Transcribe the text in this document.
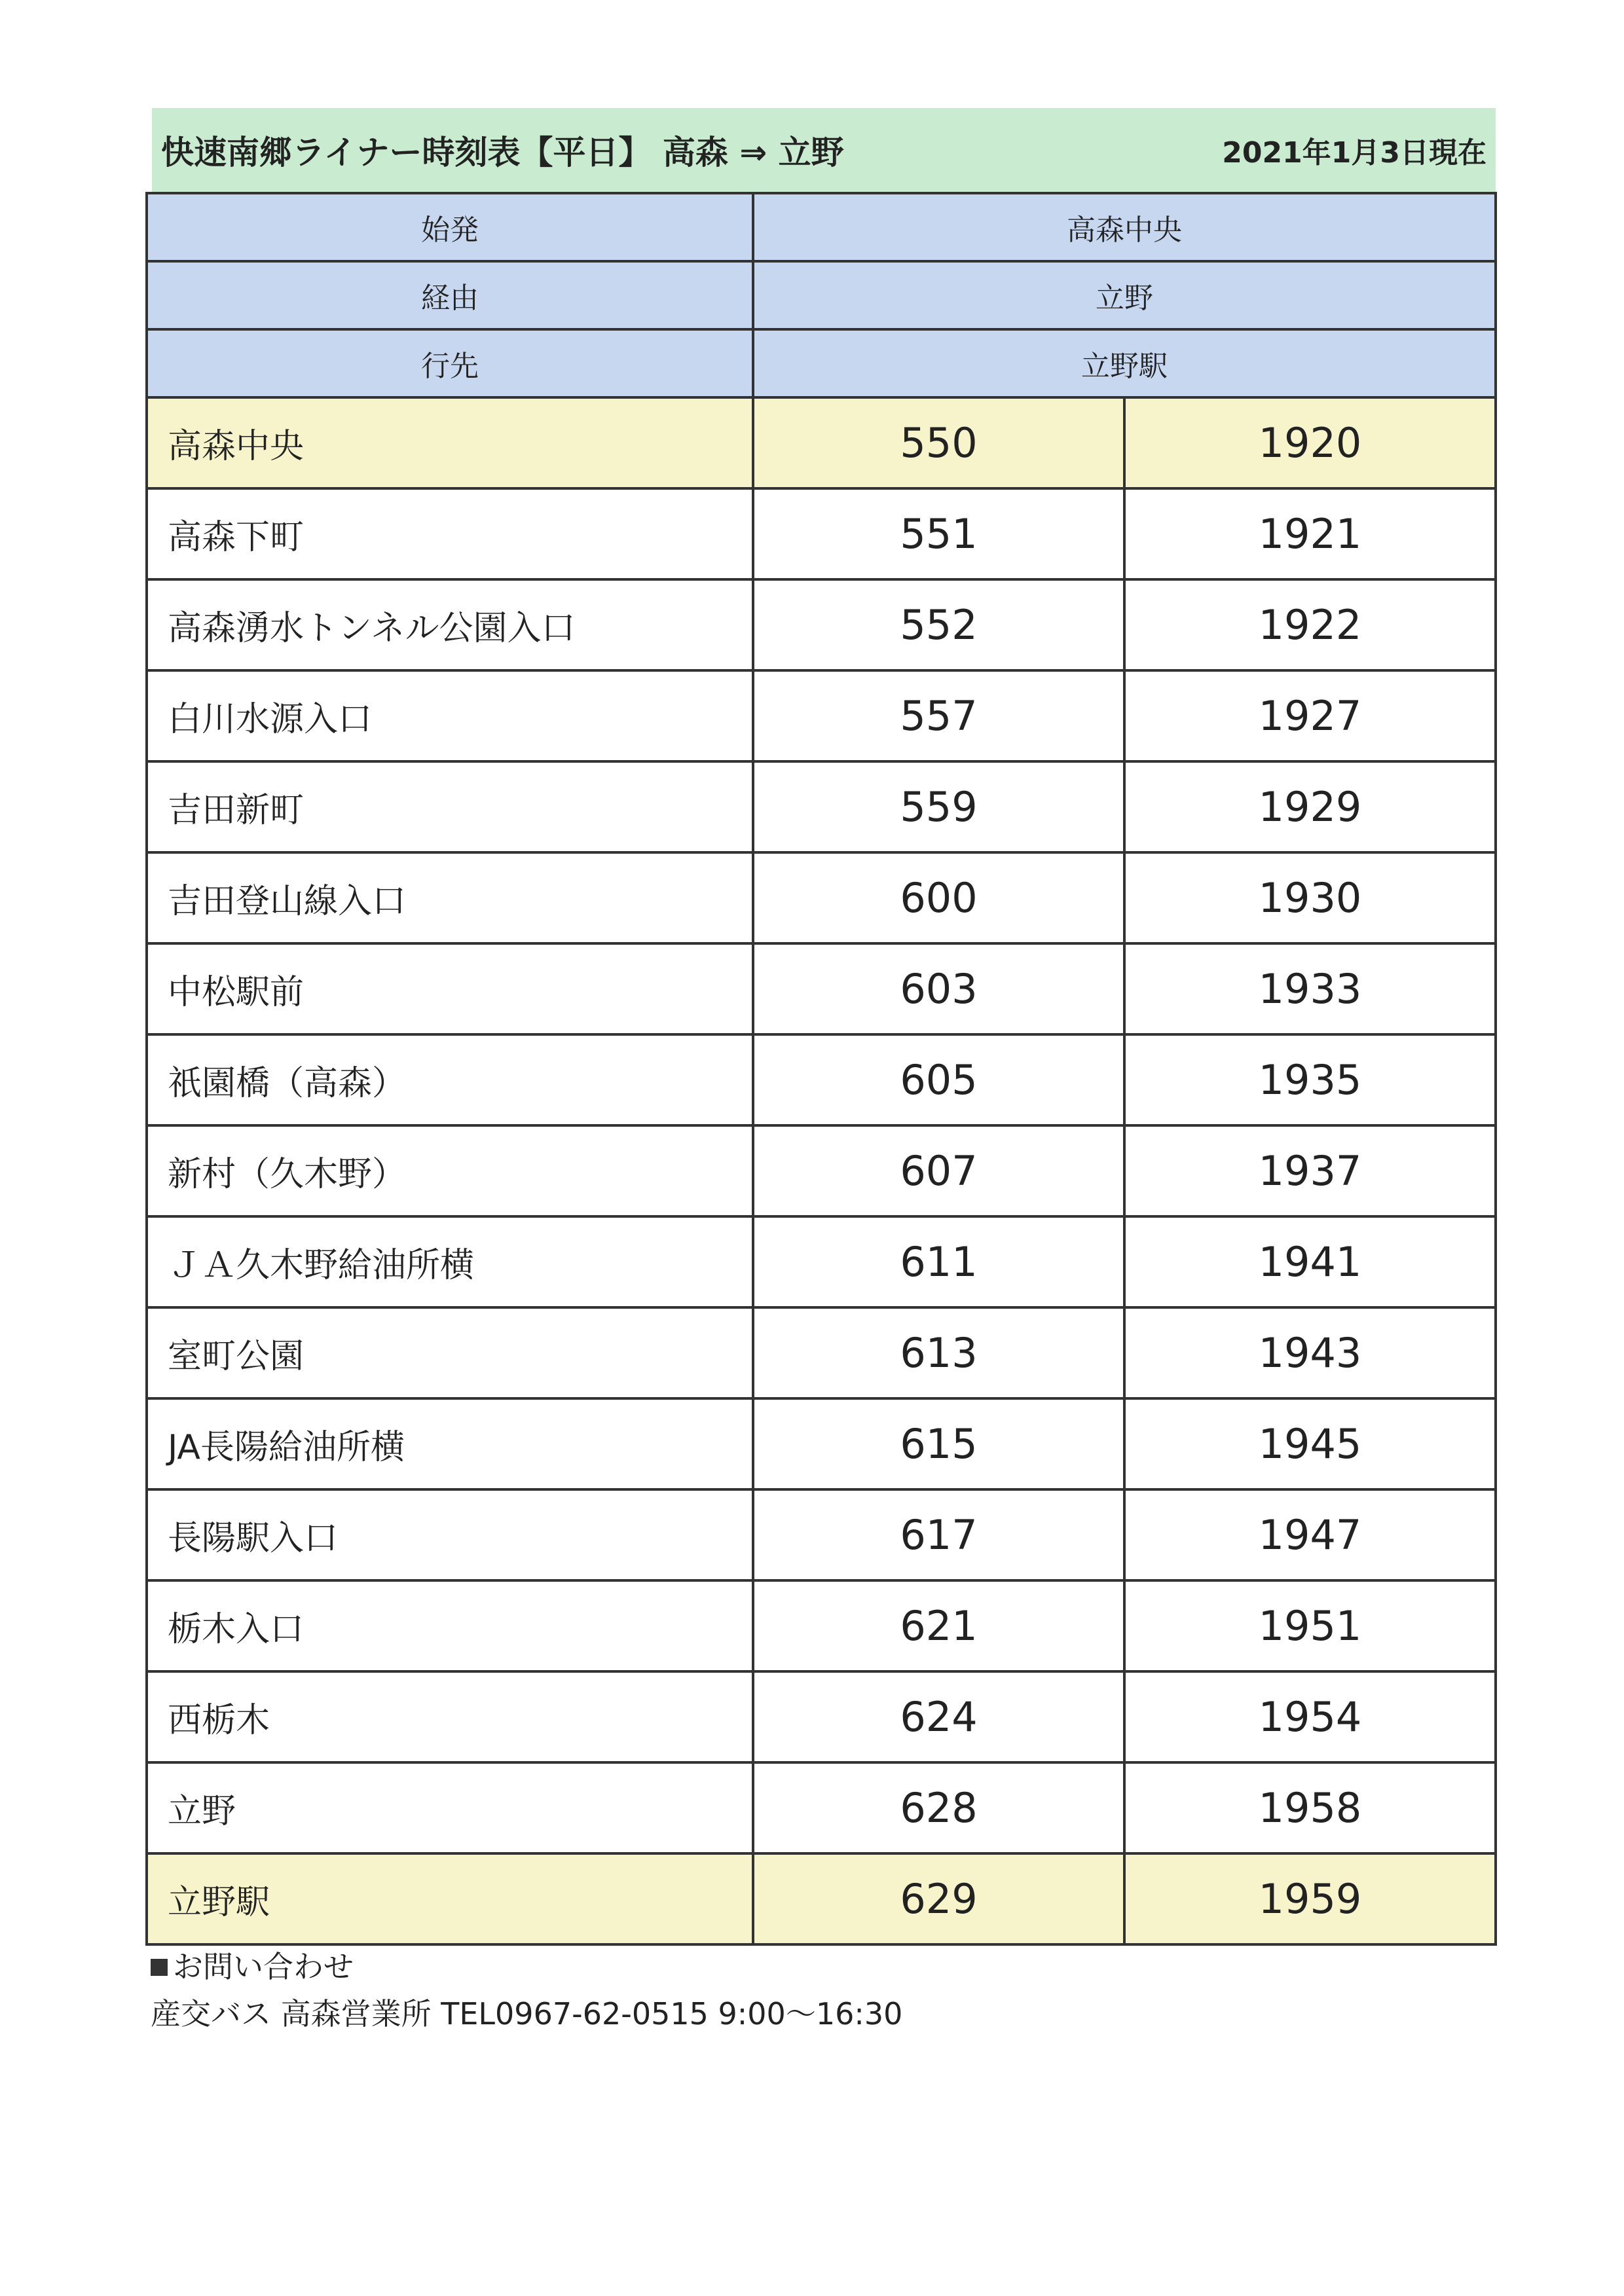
快速南郷ライナー時刻表【平日】 高森 ⇒ 立野	2021年1月3日現在
始発	高森中央	
経由	立野	
行先	立野駅	
高森中央	550	1920
高森下町	551	1921
高森湧水トンネル公園入口	552	1922
白川水源入口	557	1927
吉田新町	559	1929
吉田登山線入口	600	1930
中松駅前	603	1933
祇園橋（高森）	605	1935
新村（久木野）	607	1937
ＪＡ久木野給油所横	611	1941
室町公園	613	1943
JA長陽給油所横	615	1945
長陽駅入口	617	1947
栃木入口	621	1951
西栃木	624	1954
立野	628	1958
立野駅	629	1959
お問い合わせ
産交バス 高森営業所 TEL0967-62-0515 9:00～16:30
